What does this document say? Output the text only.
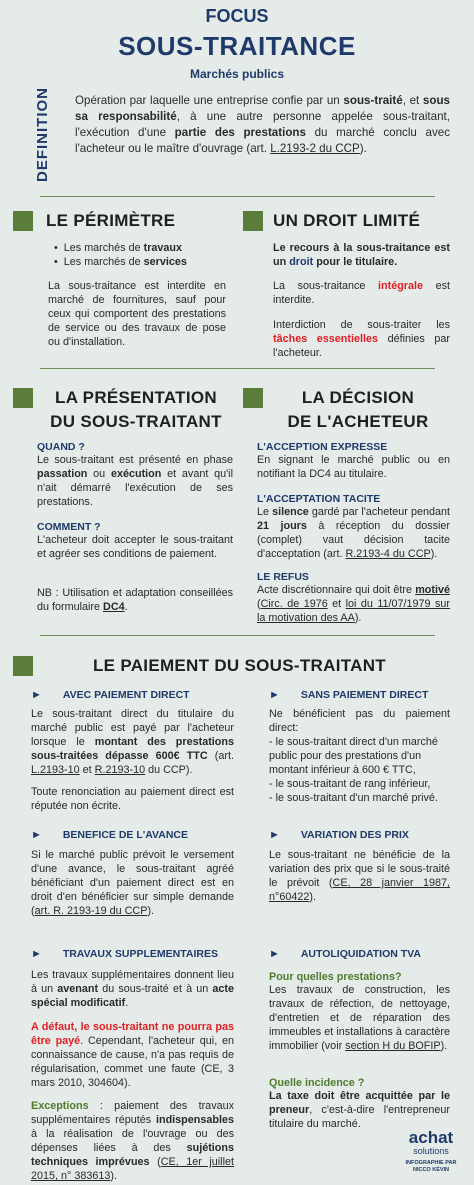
FOCUS
SOUS-TRAITANCE
Marchés publics
DEFINITION Opération par laquelle une entreprise confie par un sous-traité, et sous sa responsabilité, à une autre personne appelée sous-traitant, l'exécution d'une partie des prestations du marché conclu avec l'acheteur ou le maître d'ouvrage (art. L.2193-2 du CCP).
LE PÉRIMÈTRE
• Les marchés de travaux
• Les marchés de services
La sous-traitance est interdite en marché de fournitures, sauf pour ceux qui comportent des prestations de service ou des travaux de pose ou d'installation.
UN DROIT LIMITÉ
Le recours à la sous-traitance est un droit pour le titulaire.
La sous-traitance intégrale est interdite.
Interdiction de sous-traiter les tâches essentielles définies par l'acheteur.
LA PRÉSENTATION
DU SOUS-TRAITANT
QUAND ?
Le sous-traitant est présenté en phase passation ou exécution et avant qu'il n'ait démarré l'exécution de ses prestations.
COMMENT ?
L'acheteur doit accepter le sous-traitant et agréer ses conditions de paiement.
NB : Utilisation et adaptation conseillées du formulaire DC4.
LA DÉCISION
DE L'ACHETEUR
L'ACCEPTION EXPRESSE
En signant le marché public ou en notifiant la DC4 au titulaire.
L'ACCEPTATION TACITE
Le silence gardé par l'acheteur pendant 21 jours à réception du dossier (complet) vaut décision tacite d'acceptation (art. R.2193-4 du CCP).
LE REFUS
Acte discrétionnaire qui doit être motivé (Circ. de 1976 et loi du 11/07/1979 sur la motivation des AA).
LE PAIEMENT DU SOUS-TRAITANT
► AVEC PAIEMENT DIRECT
Le sous-traitant direct du titulaire du marché public est payé par l'acheteur lorsque le montant des prestations sous-traitées dépasse 600€ TTC (art. L.2193-10 et R.2193-10 du CCP).
Toute renonciation au paiement direct est réputée non écrite.
► SANS PAIEMENT DIRECT
Ne bénéficient pas du paiement direct:
- le sous-traitant direct d'un marché public pour des prestations d'un montant inférieur à 600 € TTC,
- le sous-traitant de rang inférieur,
- le sous-traitant d'un marché privé.
► BENEFICE DE L'AVANCE
Si le marché public prévoit le versement d'une avance, le sous-traitant agréé bénéficiant d'un paiement direct est en droit d'en bénéficier sur simple demande (art. R. 2193-19 du CCP).
► VARIATION DES PRIX
Le sous-traitant ne bénéficie de la variation des prix que si le sous-traité le prévoit (CE, 28 janvier 1987, n°60422).
► TRAVAUX SUPPLEMENTAIRES
Les travaux supplémentaires donnent lieu à un avenant du sous-traité et à un acte spécial modificatif.
A défaut, le sous-traitant ne pourra pas être payé. Cependant, l'acheteur qui, en connaissance de cause, n'a pas requis de régularisation, commet une faute (CE, 3 mars 2010, 304604).
Exceptions : paiement des travaux supplémentaires réputés indispensables à la réalisation de l'ouvrage ou des dépenses liées à des sujétions techniques imprévues (CE, 1er juillet 2015, n° 383613).
► AUTOLIQUIDATION TVA
Pour quelles prestations?
Les travaux de construction, les travaux de réfection, de nettoyage, d'entretien et de réparation des immeubles et installations à caractère immobilier (voir section H du BOFIP).
Quelle incidence ?
La taxe doit être acquittée par le preneur, c'est-à-dire l'entrepreneur titulaire du marché.
achat
solutions
INFOGRAPHIE PAR
NICCO KÉVIN
